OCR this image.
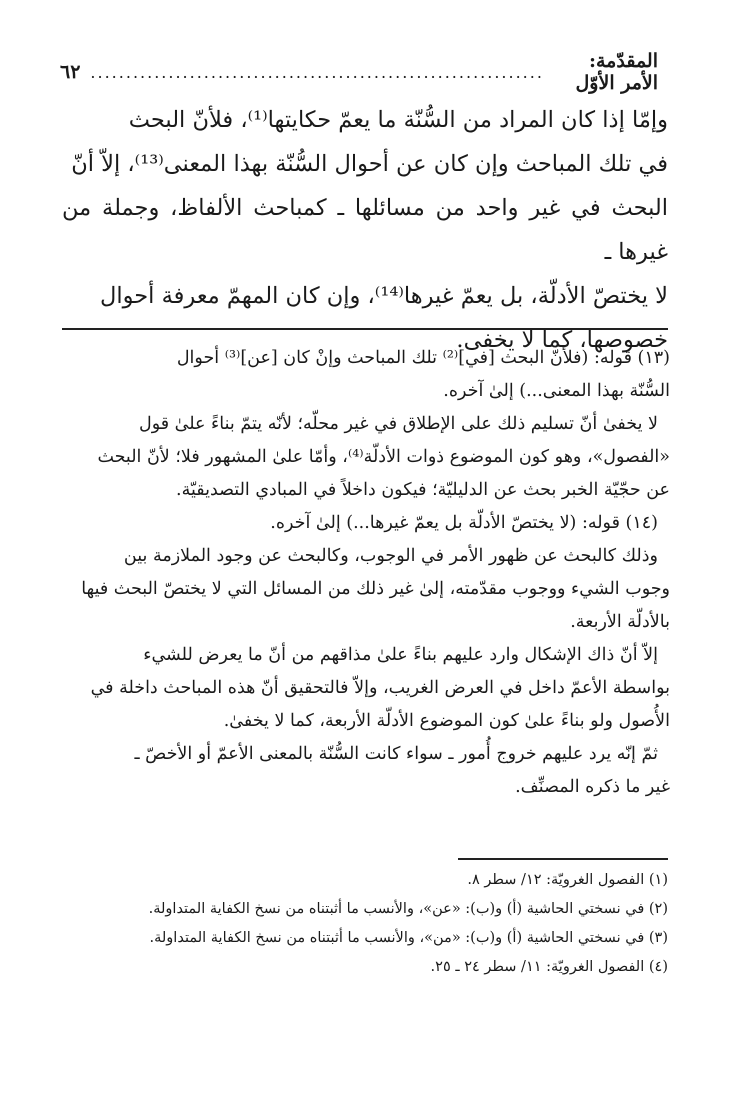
المقدّمة: الأمر الأوّل
................................................................
٦٢

وإمّا إذا كان المراد من السُّنّة ما يعمّ حكايتها⁽¹⁾، فلأنّ البحث

في تلك المباحث وإن كان عن أحوال السُّنّة بهذا المعنى⁽¹³⁾، إلاّ أنّ

البحث في غير واحد من مسائلها ـ كمباحث الألفاظ، وجملة من غيرها ـ

لا يختصّ الأدلّة، بل يعمّ غيرها⁽¹⁴⁾، وإن كان المهمّ معرفة أحوال

خصوصها، كما لا يخفى.

(١٣) قوله: (فلأنّ البحث [في]⁽²⁾ تلك المباحث وإنْ كان [عن]⁽³⁾ أحوال

السُّنّة بهذا المعنى...) إلىٰ آخره.

لا يخفىٰ أنّ تسليم ذلك على الإطلاق في غير محلّه؛ لأنّه يتمّ بناءً علىٰ قول

«الفصول»، وهو كون الموضوع ذوات الأدلّة⁽⁴⁾، وأمّا علىٰ المشهور فلا؛ لأنّ البحث

عن حجّيّة الخبر بحث عن الدليليّة؛ فيكون داخلاً في المبادي التصديقيّة.

(١٤) قوله: (لا يختصّ الأدلّة بل يعمّ غيرها...) إلىٰ آخره.

وذلك كالبحث عن ظهور الأمر في الوجوب، وكالبحث عن وجود الملازمة بين

وجوب الشيء ووجوب مقدّمته، إلىٰ غير ذلك من المسائل التي لا يختصّ البحث فيها

بالأدلّة الأربعة.

إلاّ أنّ ذاك الإشكال وارد عليهم بناءً علىٰ مذاقهم من أنّ ما يعرض للشيء

بواسطة الأعمّ داخل في العرض الغريب، وإلاّ فالتحقيق أنّ هذه المباحث داخلة في

الأُصول ولو بناءً علىٰ كون الموضوع الأدلّة الأربعة، كما لا يخفىٰ.

ثمّ إنّه يرد عليهم خروج أُمور ـ سواء كانت السُّنّة بالمعنى الأعمّ أو الأخصّ ـ

غير ما ذكره المصنِّف.

(١) الفصول الغرويّة: ١٢/ سطر ٨.

(٢) في نسختي الحاشية (أ) و(ب): «عن»، والأنسب ما أثبتناه من نسخ الكفاية المتداولة.

(٣) في نسختي الحاشية (أ) و(ب): «من»، والأنسب ما أثبتناه من نسخ الكفاية المتداولة.

(٤) الفصول الغرويّة: ١١/ سطر ٢٤ ـ ٢٥.
